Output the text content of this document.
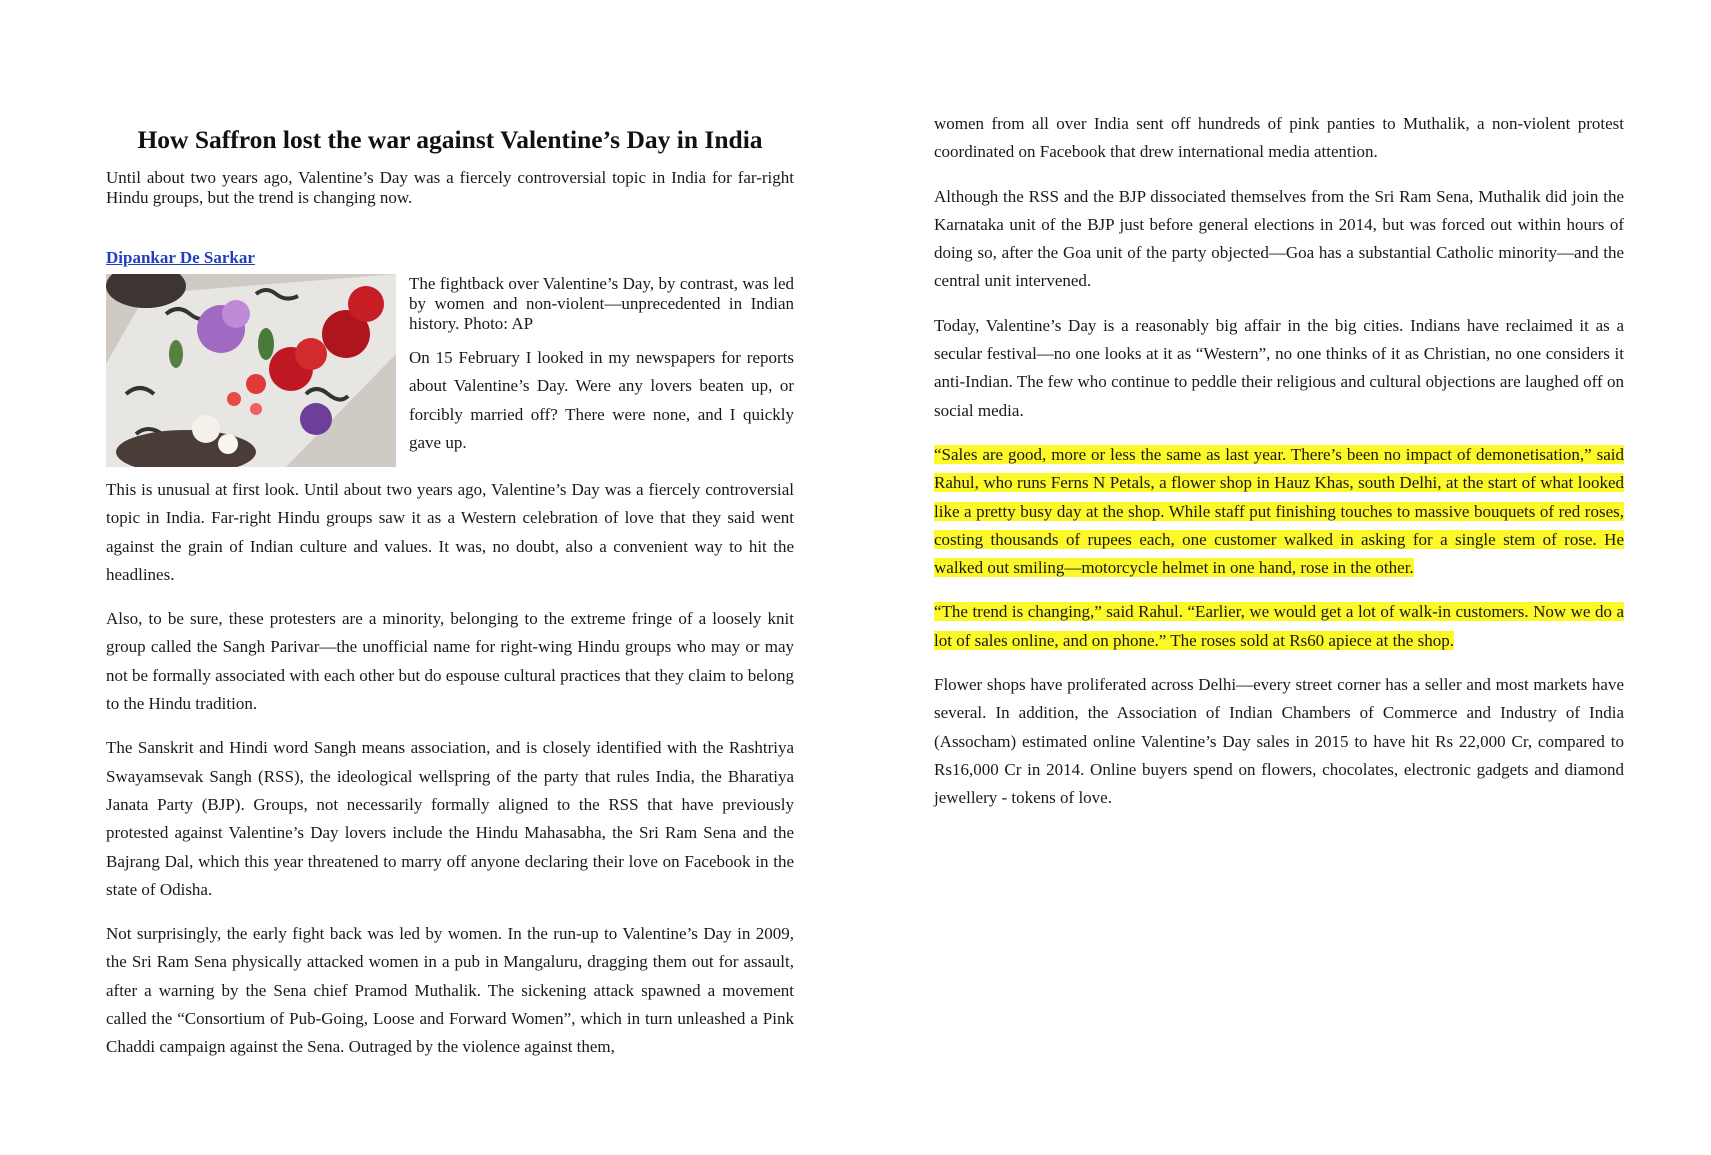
How Saffron lost the war against Valentine’s Day in India

Until about two years ago, Valentine’s Day was a fiercely controversial topic in India for far-right Hindu groups, but the trend is changing now.

Dipankar De Sarkar

The fightback over Valentine’s Day, by contrast, was led by women and non-violent—unprecedented in Indian history. Photo: AP

On 15 February I looked in my newspapers for reports about Valentine’s Day. Were any lovers beaten up, or forcibly married off? There were none, and I quickly gave up.

This is unusual at first look. Until about two years ago, Valentine’s Day was a fiercely controversial topic in India. Far-right Hindu groups saw it as a Western celebration of love that they said went against the grain of Indian culture and values. It was, no doubt, also a convenient way to hit the headlines.

Also, to be sure, these protesters are a minority, belonging to the extreme fringe of a loosely knit group called the Sangh Parivar—the unofficial name for right-wing Hindu groups who may or may not be formally associated with each other but do espouse cultural practices that they claim to belong to the Hindu tradition.

The Sanskrit and Hindi word Sangh means association, and is closely identified with the Rashtriya Swayamsevak Sangh (RSS), the ideological wellspring of the party that rules India, the Bharatiya Janata Party (BJP). Groups, not necessarily formally aligned to the RSS that have previously protested against Valentine’s Day lovers include the Hindu Mahasabha, the Sri Ram Sena and the Bajrang Dal, which this year threatened to marry off anyone declaring their love on Facebook in the state of Odisha.

Not surprisingly, the early fight back was led by women. In the run-up to Valentine’s Day in 2009, the Sri Ram Sena physically attacked women in a pub in Mangaluru, dragging them out for assault, after a warning by the Sena chief Pramod Muthalik. The sickening attack spawned a movement called the “Consortium of Pub-Going, Loose and Forward Women”, which in turn unleashed a Pink Chaddi campaign against the Sena. Outraged by the violence against them,

women from all over India sent off hundreds of pink panties to Muthalik, a non-violent protest coordinated on Facebook that drew international media attention.

Although the RSS and the BJP dissociated themselves from the Sri Ram Sena, Muthalik did join the Karnataka unit of the BJP just before general elections in 2014, but was forced out within hours of doing so, after the Goa unit of the party objected—Goa has a substantial Catholic minority—and the central unit intervened.

Today, Valentine’s Day is a reasonably big affair in the big cities. Indians have reclaimed it as a secular festival—no one looks at it as “Western”, no one thinks of it as Christian, no one considers it anti-Indian. The few who continue to peddle their religious and cultural objections are laughed off on social media.

“Sales are good, more or less the same as last year. There’s been no impact of demonetisation,” said Rahul, who runs Ferns N Petals, a flower shop in Hauz Khas, south Delhi, at the start of what looked like a pretty busy day at the shop. While staff put finishing touches to massive bouquets of red roses, costing thousands of rupees each, one customer walked in asking for a single stem of rose. He walked out smiling—motorcycle helmet in one hand, rose in the other.

“The trend is changing,” said Rahul. “Earlier, we would get a lot of walk-in customers. Now we do a lot of sales online, and on phone.” The roses sold at Rs60 apiece at the shop.

Flower shops have proliferated across Delhi—every street corner has a seller and most markets have several. In addition, the Association of Indian Chambers of Commerce and Industry of India (Assocham) estimated online Valentine’s Day sales in 2015 to have hit Rs 22,000 Cr, compared to Rs16,000 Cr in 2014. Online buyers spend on flowers, chocolates, electronic gadgets and diamond jewellery - tokens of love.
